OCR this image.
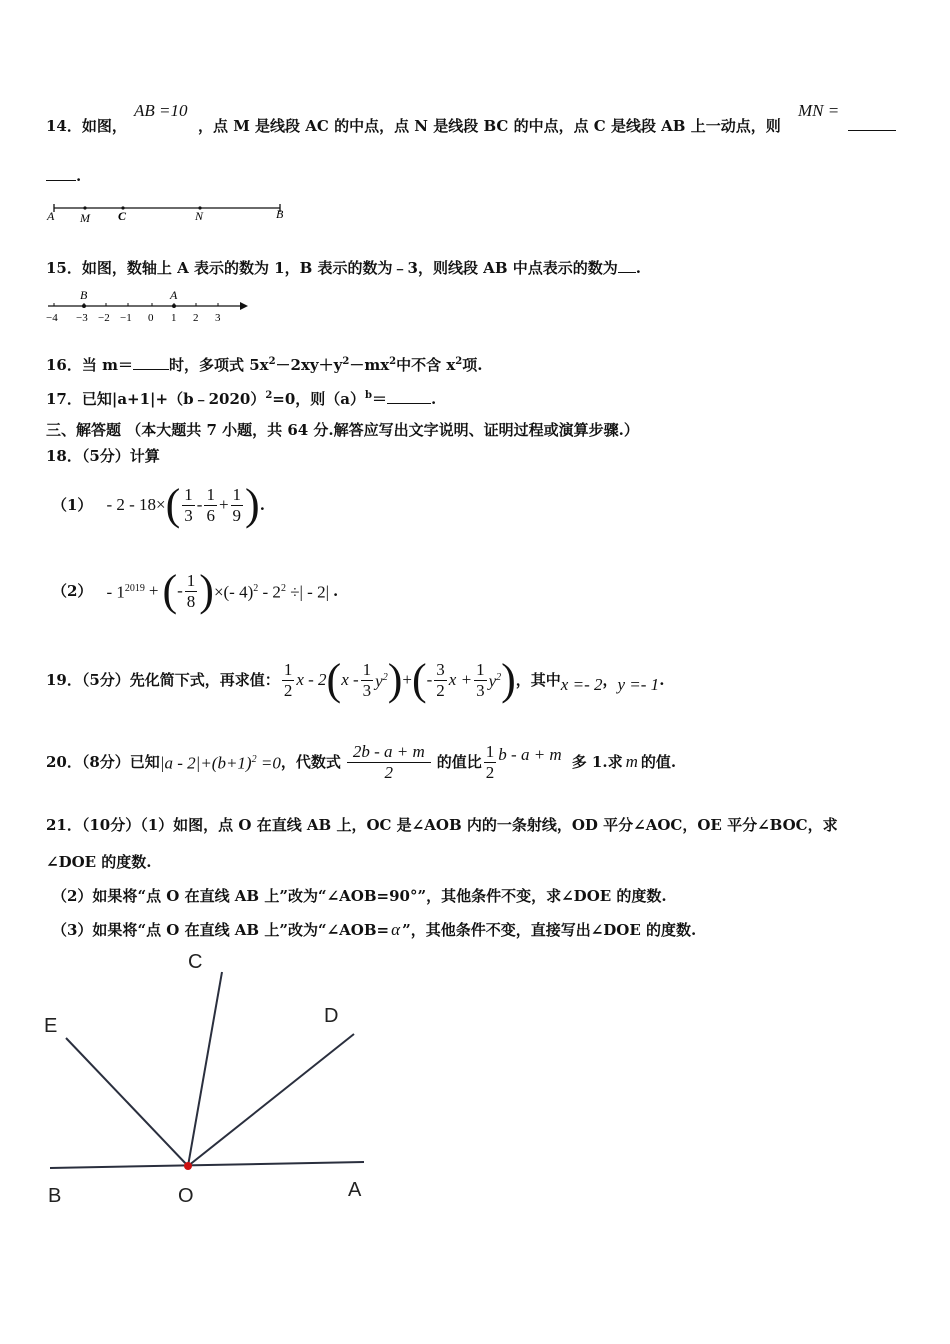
14．如图，
AB =10
，点 M 是线段 AC 的中点，点 N 是线段 BC 的中点，点 C 是线段 AB 上一动点，则
MN =
.
A M C	N	B
15．如图，数轴上 A 表示的数为 1，B 表示的数为﹣3，则线段 AB 中点表示的数为 .
B	A
−4 −3 −2 −1 0 1 2 3
16．当 m＝ 时，多项式 $5x^2-2xy+y^2-mx^2$中不含 $x^2$项.
17．已知|a+1|+（b﹣2020）$^2$=0，则$(a)^b=$	.
三、解答题 （本大题共 7 小题，共 64 分.解答应写出文字说明、证明过程或演算步骤.）
18．（5分）计算
（1） - 2 - 18× ( $\frac{1}{3} - \frac{1}{6} + \frac{1}{9}$ ) .
$(2) - 1^{2019}$ + ( - $\frac{1}{8}$ ) ×(- $4)^2 - 2^2$ ÷| - 2| .
19．（5分）先化简下式，再求值： $\frac{1}{2}$ x - 2 ( x - $\frac{1}{3} y^2$ ) + ( - $\frac{3}{2}$ $x + \frac{1}{3} y^2$ ) ，其中 x =- 2 ， y =- 1 .
20．（8分）已知 $|a - 2|+(b+1)^2 =0$ ，代数式 $\frac{2b - a + m}{2}$ 的值比 $\frac{1}{2}$ b - a + m 多 1.求 m 的值.
21．（10分）（1）如图，点 O 在直线 AB 上，OC 是∠AOB 内的一条射线，OD 平分∠AOC，OE 平分∠BOC，求
∠DOE 的度数.
（2）如果将“点 O 在直线 AB 上”改为“∠AOB=90°”，其他条件不变，求∠DOE 的度数.
（3）如果将“点 O 在直线 AB 上”改为“∠AOB= α ”，其他条件不变，直接写出∠DOE 的度数.
C
E	D
B	O	A
